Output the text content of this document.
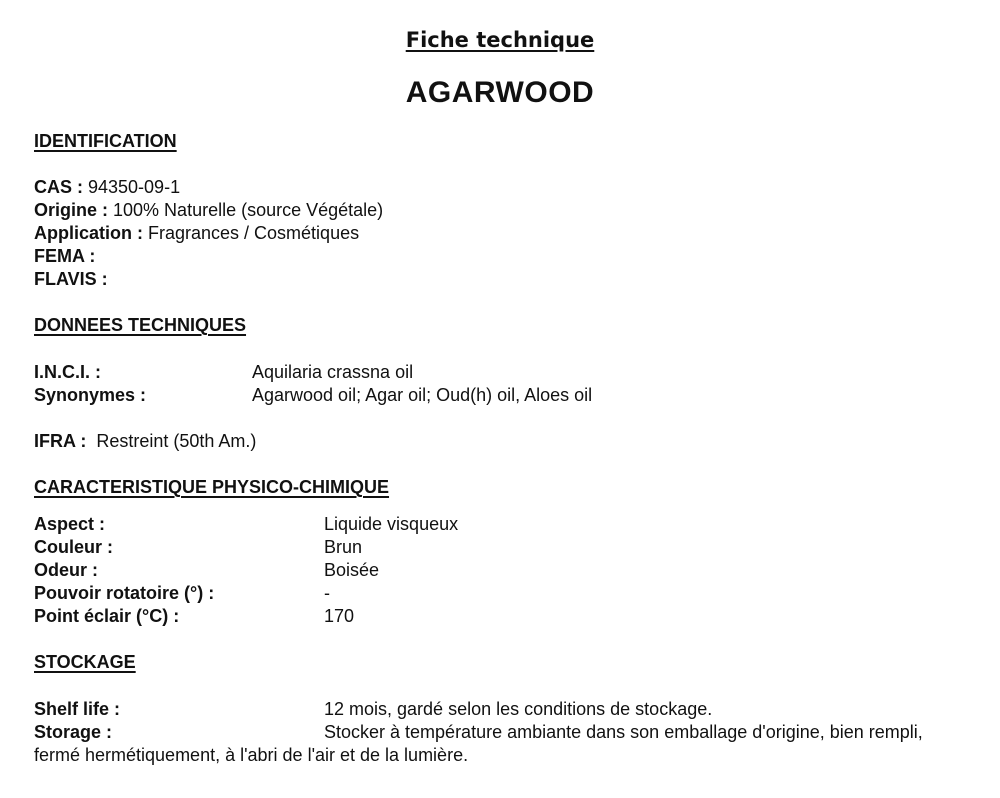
Fiche technique
AGARWOOD
IDENTIFICATION
CAS : 94350-09-1
Origine : 100% Naturelle (source Végétale)
Application : Fragrances / Cosmétiques
FEMA :
FLAVIS :
DONNEES TECHNIQUES
I.N.C.I. :	Aquilaria crassna oil
Synonymes :	Agarwood oil; Agar oil; Oud(h) oil, Aloes oil
IFRA :  Restreint (50th Am.)
CARACTERISTIQUE PHYSICO-CHIMIQUE
Aspect :	Liquide visqueux
Couleur :	Brun
Odeur :	Boisée
Pouvoir rotatoire (°) :	-
Point éclair (°C) :	170
STOCKAGE
Shelf life :	12 mois, gardé selon les conditions de stockage.
Storage :	Stocker à température ambiante dans son emballage d'origine, bien rempli,
fermé hermétiquement, à l'abri de l'air et de la lumière.
